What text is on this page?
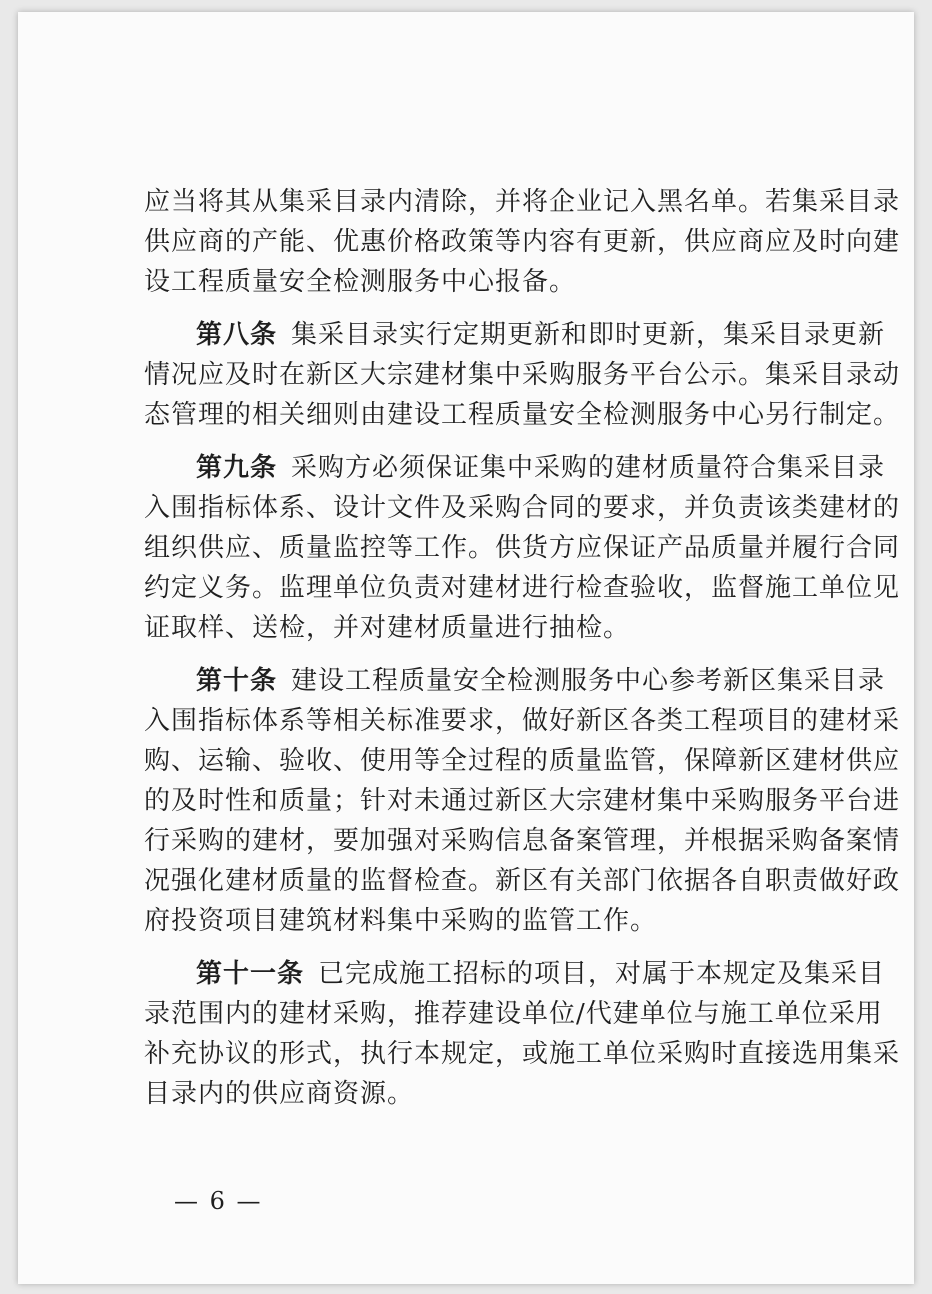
应当将其从集采目录内清除，并将企业记入黑名单。若集采目录
供应商的产能、优惠价格政策等内容有更新，供应商应及时向建
设工程质量安全检测服务中心报备。
第八条 集采目录实行定期更新和即时更新，集采目录更新
情况应及时在新区大宗建材集中采购服务平台公示。集采目录动
态管理的相关细则由建设工程质量安全检测服务中心另行制定。
第九条 采购方必须保证集中采购的建材质量符合集采目录
入围指标体系、设计文件及采购合同的要求，并负责该类建材的
组织供应、质量监控等工作。供货方应保证产品质量并履行合同
约定义务。监理单位负责对建材进行检查验收，监督施工单位见
证取样、送检，并对建材质量进行抽检。
第十条 建设工程质量安全检测服务中心参考新区集采目录
入围指标体系等相关标准要求，做好新区各类工程项目的建材采
购、运输、验收、使用等全过程的质量监管，保障新区建材供应
的及时性和质量；针对未通过新区大宗建材集中采购服务平台进
行采购的建材，要加强对采购信息备案管理，并根据采购备案情
况强化建材质量的监督检查。新区有关部门依据各自职责做好政
府投资项目建筑材料集中采购的监管工作。
第十一条 已完成施工招标的项目，对属于本规定及集采目
录范围内的建材采购，推荐建设单位/代建单位与施工单位采用
补充协议的形式，执行本规定，或施工单位采购时直接选用集采
目录内的供应商资源。
— 6 —
